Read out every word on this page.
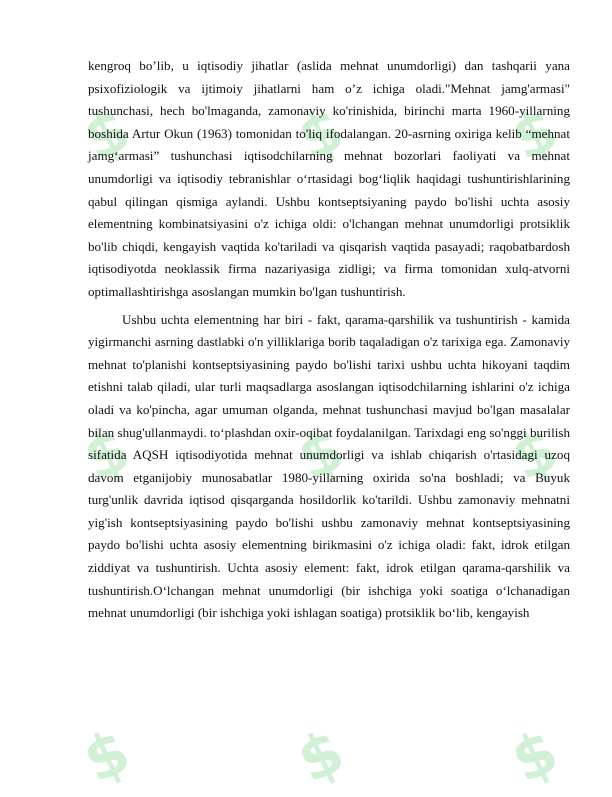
$ $ $
$ $ $
$ $ $

kengroq bo’lib, u iqtisodiy jihatlar (aslida mehnat unumdorligi) dan tashqarii yana psixofiziologik va ijtimoiy jihatlarni ham o’z ichiga oladi."Mehnat jamg'armasi" tushunchasi, hech bo'lmaganda, zamonaviy ko'rinishida, birinchi marta 1960-yillarning boshida Artur Okun (1963) tomonidan to'liq ifodalangan. 20-asrning oxiriga kelib “mehnat jamg‘armasi” tushunchasi iqtisodchilarning mehnat bozorlari faoliyati va mehnat unumdorligi va iqtisodiy tebranishlar o‘rtasidagi bog‘liqlik haqidagi tushuntirishlarining qabul qilingan qismiga aylandi. Ushbu kontseptsiyaning paydo bo'lishi uchta asosiy elementning kombinatsiyasini o'z ichiga oldi: o'lchangan mehnat unumdorligi protsiklik bo'lib chiqdi, kengayish vaqtida ko'tariladi va qisqarish vaqtida pasayadi; raqobatbardosh iqtisodiyotda neoklassik firma nazariyasiga zidligi; va firma tomonidan xulq-atvorni optimallashtirishga asoslangan mumkin bo'lgan tushuntirish.

Ushbu uchta elementning har biri - fakt, qarama-qarshilik va tushuntirish - kamida yigirmanchi asrning dastlabki o'n yilliklariga borib taqaladigan o'z tarixiga ega. Zamonaviy mehnat to'planishi kontseptsiyasining paydo bo'lishi tarixi ushbu uchta hikoyani taqdim etishni talab qiladi, ular turli maqsadlarga asoslangan iqtisodchilarning ishlarini o'z ichiga oladi va ko'pincha, agar umuman olganda, mehnat tushunchasi mavjud bo'lgan masalalar bilan shug'ullanmaydi. to‘plashdan oxir-oqibat foydalanilgan. Tarixdagi eng so'nggi burilish sifatida AQSH iqtisodiyotida mehnat unumdorligi va ishlab chiqarish o'rtasidagi uzoq davom etganijobiy munosabatlar 1980-yillarning oxirida so'na boshladi; va Buyuk turg'unlik davrida iqtisod qisqarganda hosildorlik ko'tarildi. Ushbu zamonaviy mehnatni yig'ish kontseptsiyasining paydo bo'lishi ushbu zamonaviy mehnat kontseptsiyasining paydo bo'lishi uchta asosiy elementning birikmasini o'z ichiga oladi: fakt, idrok etilgan ziddiyat va tushuntirish. Uchta asosiy element: fakt, idrok etilgan qarama-qarshilik va tushuntirish.O‘lchangan mehnat unumdorligi (bir ishchiga yoki soatiga o‘lchanadigan mehnat unumdorligi (bir ishchiga yoki ishlagan soatiga) protsiklik bo‘lib, kengayish
